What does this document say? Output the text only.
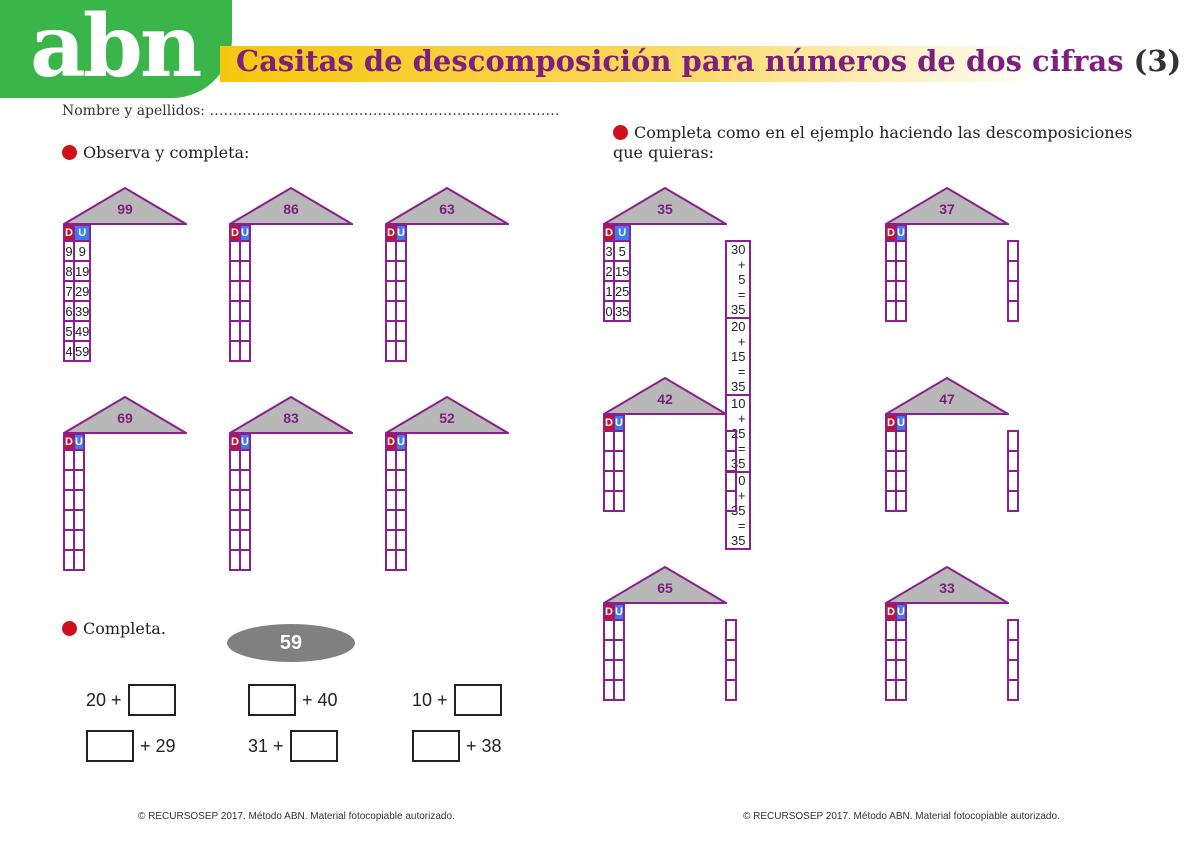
abn Casitas de descomposición para números de dos cifras (3)
Nombre y apellidos: …………………………………………………………………
Observa y completa:
Completa como en el ejemplo haciendo las descomposiciones
que quieras:
Completa.
99
D	U
9	9
8	19
7	29
6	39
5	49
4	59
86
D	U

63
D	U

69
D	U

83
D	U

52
D	U

35
D	U
3	5
2	15
1	25
0	35
30 + 5 = 35
20 + 15 = 35
10 + 25 = 35
0 + 35 = 35
37
D	U

42
D	U

47
D	U

65
D	U

33
D	U

59
20 +	+ 40	10 +
+ 29	31 +	+ 38
© RECURSOSEP 2017. Método ABN. Material fotocopiable autorizado.	© RECURSOSEP 2017. Método ABN. Material fotocopiable autorizado.
